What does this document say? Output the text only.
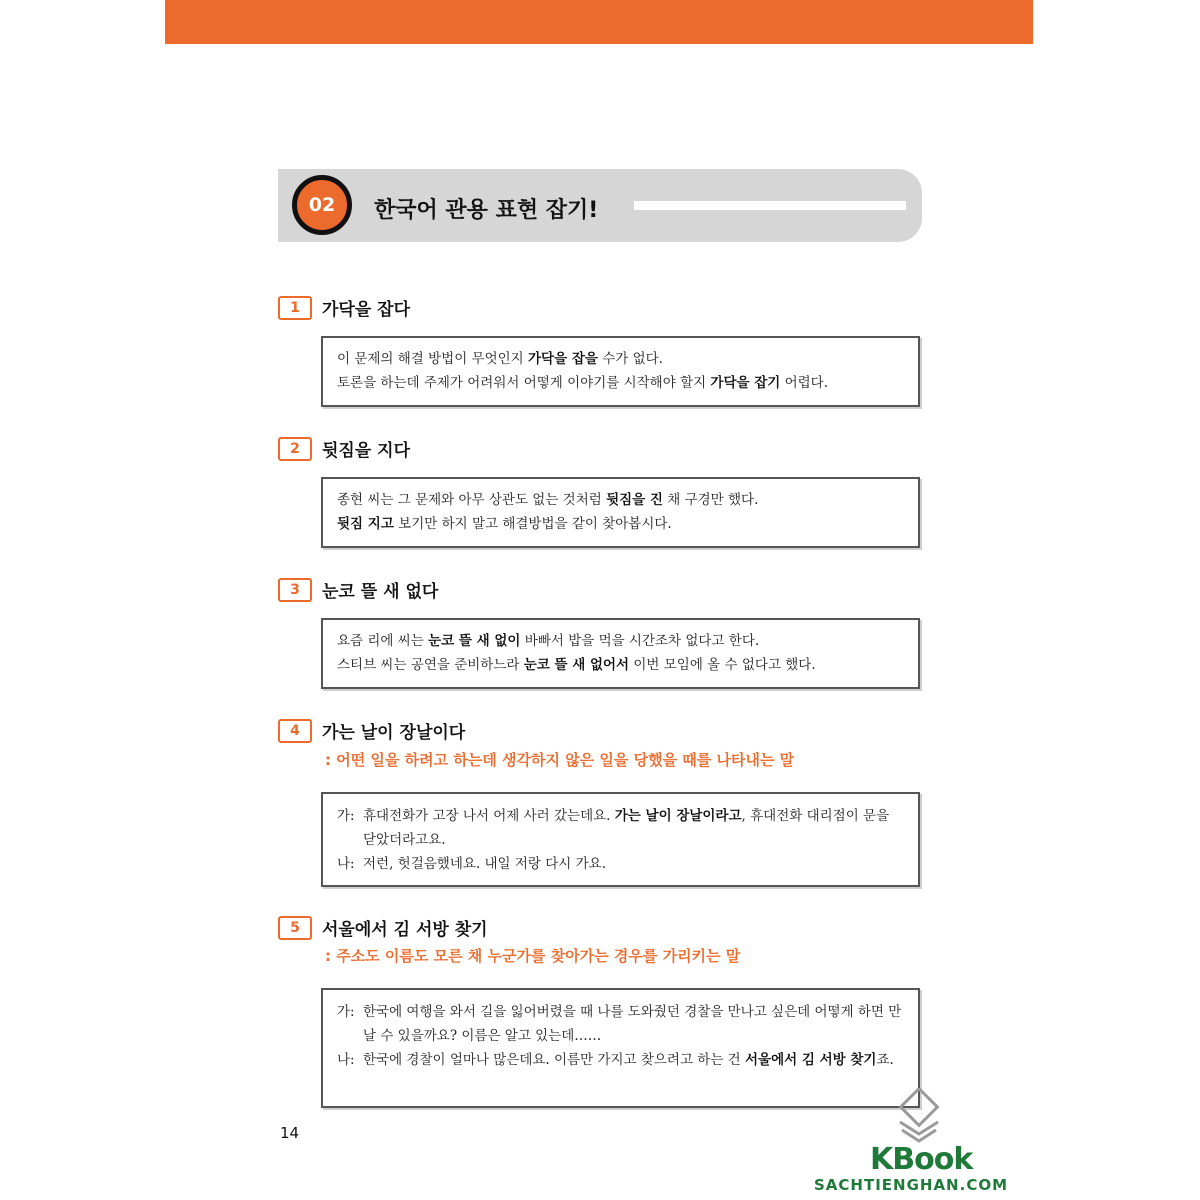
02	한국어 관용 표현 잡기!
1	가닥을 잡다
이 문제의 해결 방법이 무엇인지 가닥을 잡을 수가 없다.
토론을 하는데 주제가 어려워서 어떻게 이야기를 시작해야 할지 가닥을 잡기 어렵다.
2	뒷짐을 지다
종현 씨는 그 문제와 아무 상관도 없는 것처럼 뒷짐을 진 채 구경만 했다.
뒷짐 지고 보기만 하지 말고 해결방법을 같이 찾아봅시다.
3	눈코 뜰 새 없다
요즘 리에 씨는 눈코 뜰 새 없이 바빠서 밥을 먹을 시간조차 없다고 한다.
스티브 씨는 공연을 준비하느라 눈코 뜰 새 없어서 이번 모임에 올 수 없다고 했다.
4	가는 날이 장날이다
: 어떤 일을 하려고 하는데 생각하지 않은 일을 당했을 때를 나타내는 말
가: 휴대전화가 고장 나서 어제 사러 갔는데요. 가는 날이 장날이라고, 휴대전화 대리점이 문을 닫았더라고요.
나: 저런, 헛걸음했네요. 내일 저랑 다시 가요.
5	서울에서 김 서방 찾기
: 주소도 이름도 모른 채 누군가를 찾아가는 경우를 가리키는 말
가: 한국에 여행을 와서 길을 잃어버렸을 때 나를 도와줬던 경찰을 만나고 싶은데 어떻게 하면 만날 수 있을까요? 이름은 알고 있는데……
나: 한국에 경찰이 얼마나 많은데요. 이름만 가지고 찾으려고 하는 건 서울에서 김 서방 찾기죠.
14
KBook
SACHTIENGHAN.COM
